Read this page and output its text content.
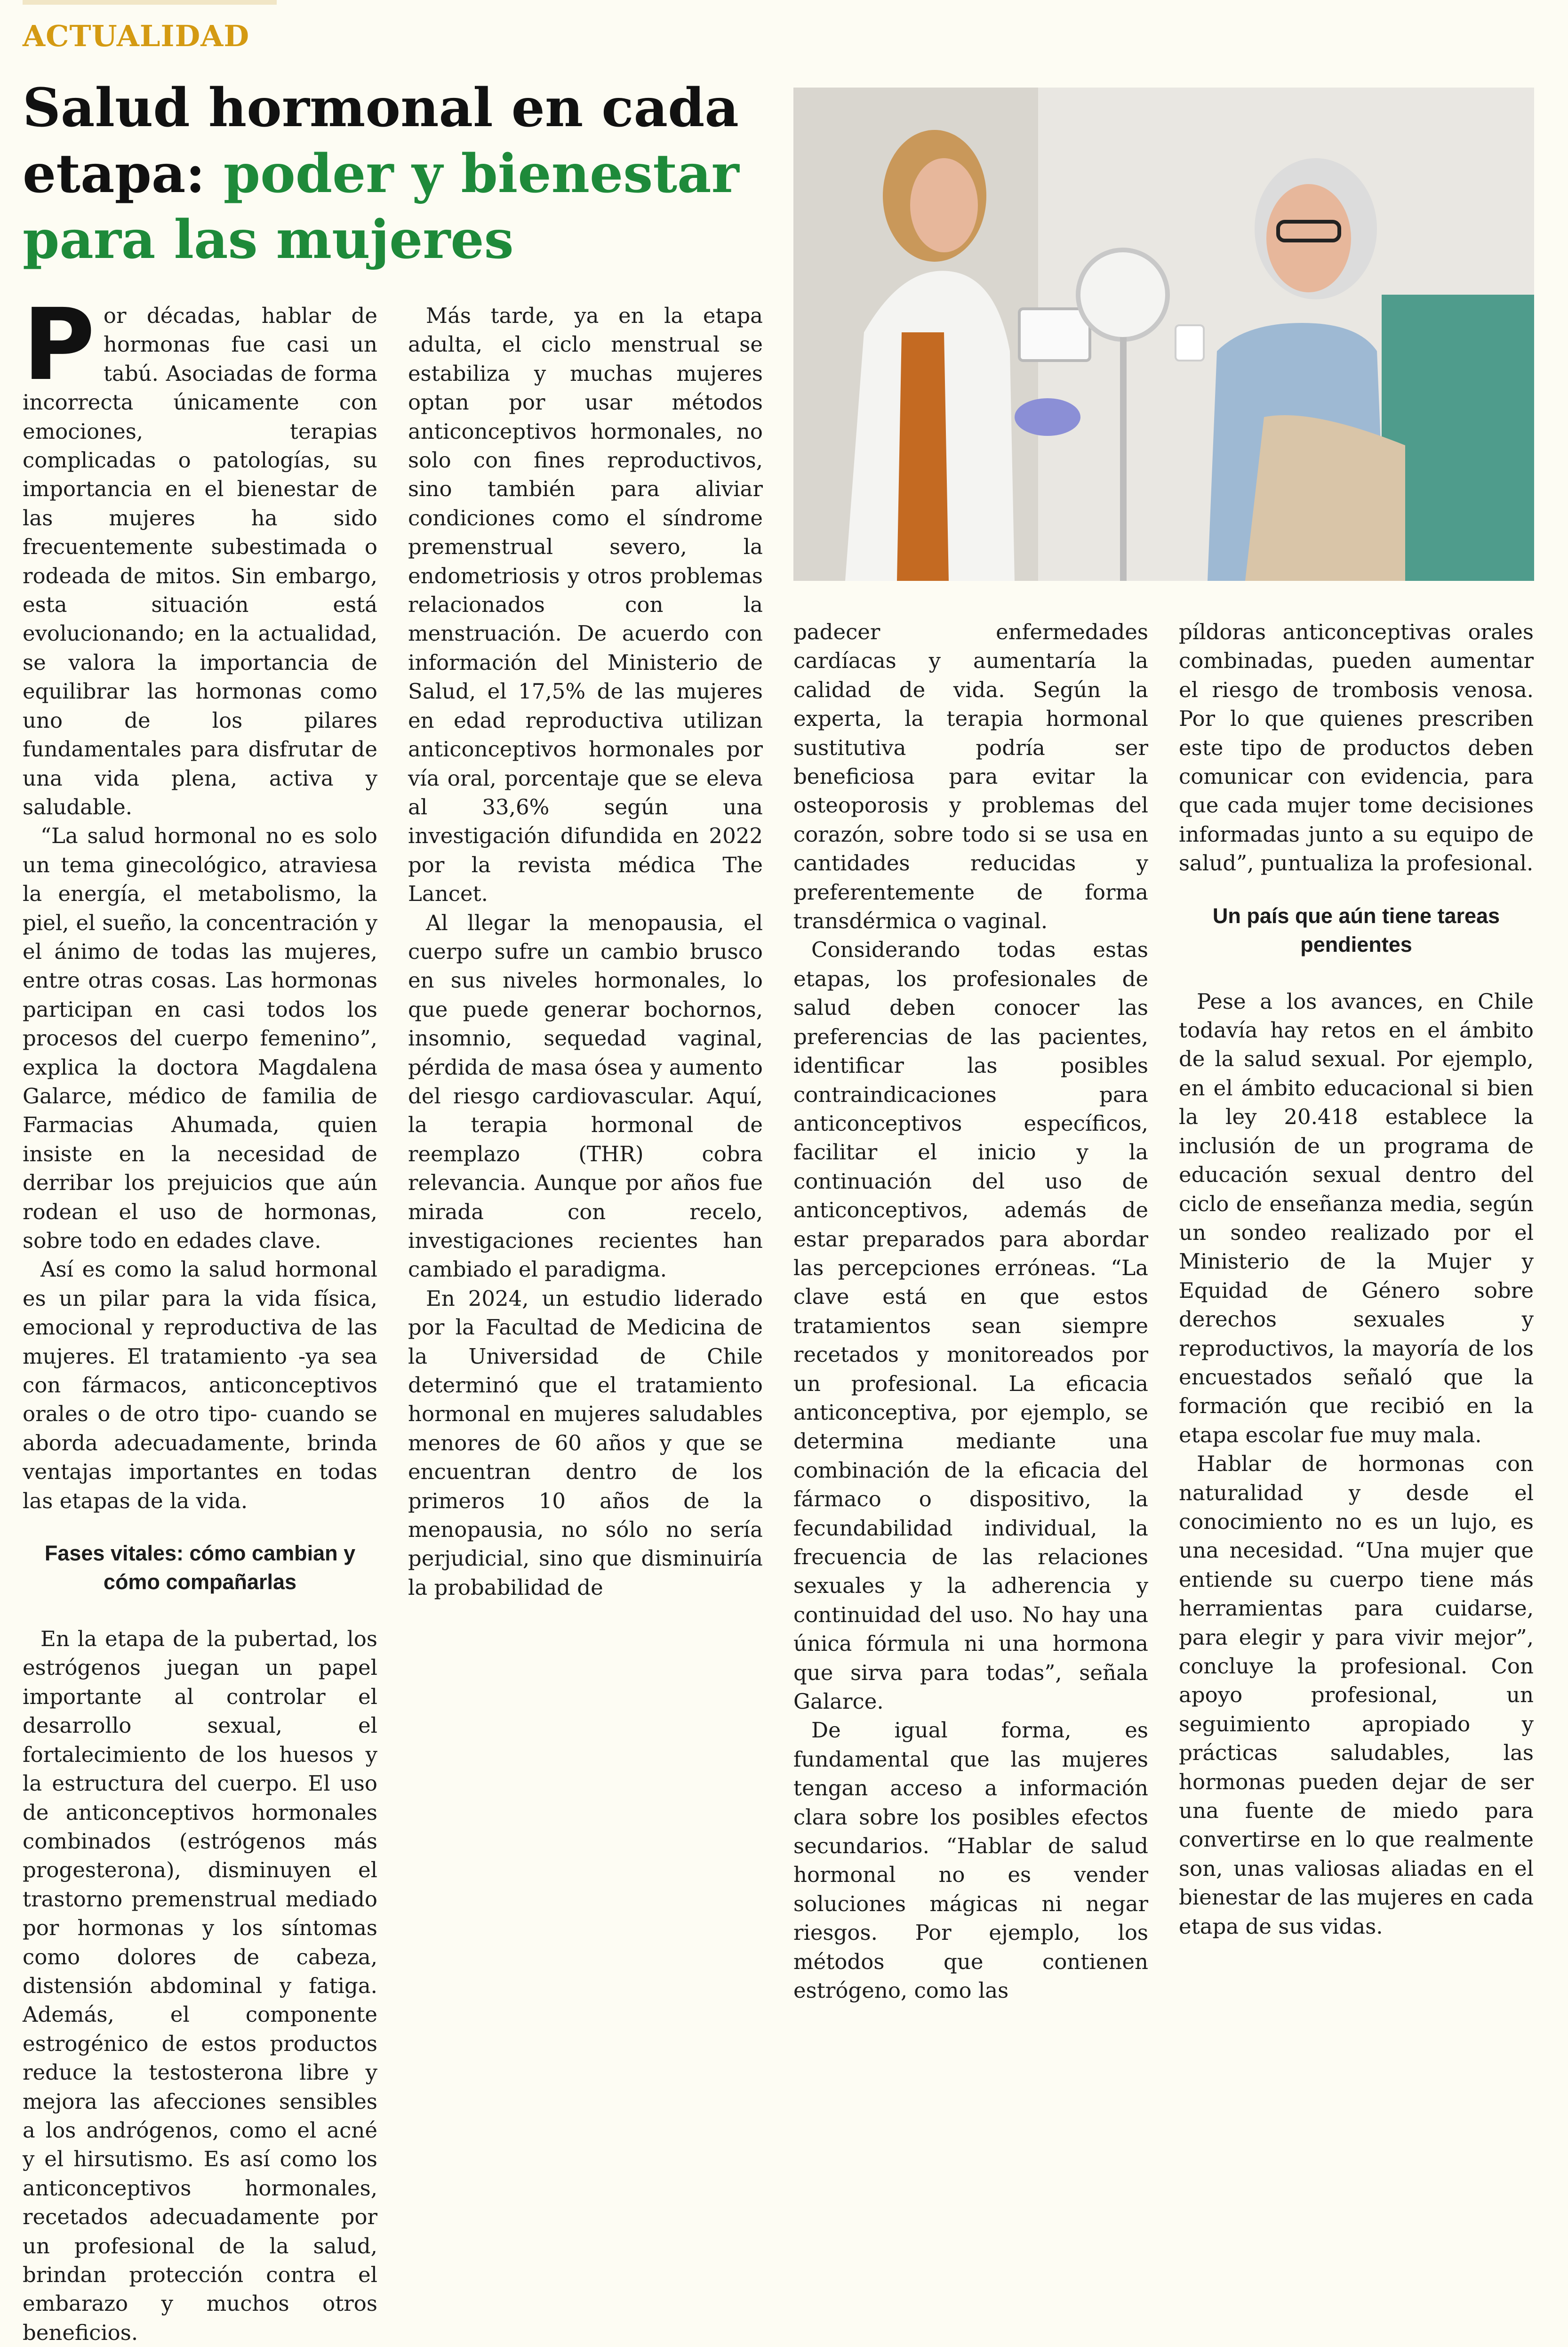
ACTUALIDAD
Salud hormonal en cada etapa: poder y bienestar para las mujeres

Por décadas, hablar de hormonas fue casi un tabú. Asociadas de forma incorrecta únicamente con emociones, terapias complicadas o patologías, su importancia en el bienestar de las mujeres ha sido frecuentemente subestimada o rodeada de mitos. Sin embargo, esta situación está evolucionando; en la actualidad, se valora la importancia de equilibrar las hormonas como uno de los pilares fundamentales para disfrutar de una vida plena, activa y saludable.

“La salud hormonal no es solo un tema ginecológico, atraviesa la energía, el metabolismo, la piel, el sueño, la concentración y el ánimo de todas las mujeres, entre otras cosas. Las hormonas participan en casi todos los procesos del cuerpo femenino”, explica la doctora Magdalena Galarce, médico de familia de Farmacias Ahumada, quien insiste en la necesidad de derribar los prejuicios que aún rodean el uso de hormonas, sobre todo en edades clave.

Así es como la salud hormonal es un pilar para la vida física, emocional y reproductiva de las mujeres. El tratamiento -ya sea con fármacos, anticonceptivos orales o de otro tipo- cuando se aborda adecuadamente, brinda ventajas importantes en todas las etapas de la vida.

Fases vitales: cómo cambian y cómo compañarlas

En la etapa de la pubertad, los estrógenos juegan un papel importante al controlar el desarrollo sexual, el fortalecimiento de los huesos y la estructura del cuerpo. El uso de anticonceptivos hormonales combinados (estrógenos más progesterona), disminuyen el trastorno premenstrual mediado por hormonas y los síntomas como dolores de cabeza, distensión abdominal y fatiga. Además, el componente estrogénico de estos productos reduce la testosterona libre y mejora las afecciones sensibles a los andrógenos, como el acné y el hirsutismo. Es así como los anticonceptivos hormonales, recetados adecuadamente por un profesional de la salud, brindan protección contra el embarazo y muchos otros beneficios.

Más tarde, ya en la etapa adulta, el ciclo menstrual se estabiliza y muchas mujeres optan por usar métodos anticonceptivos hormonales, no solo con fines reproductivos, sino también para aliviar condiciones como el síndrome premenstrual severo, la endometriosis y otros problemas relacionados con la menstruación. De acuerdo con información del Ministerio de Salud, el 17,5% de las mujeres en edad reproductiva utilizan anticonceptivos hormonales por vía oral, porcentaje que se eleva al 33,6% según una investigación difundida en 2022 por la revista médica The Lancet.

Al llegar la menopausia, el cuerpo sufre un cambio brusco en sus niveles hormonales, lo que puede generar bochornos, insomnio, sequedad vaginal, pérdida de masa ósea y aumento del riesgo cardiovascular. Aquí, la terapia hormonal de reemplazo (THR) cobra relevancia. Aunque por años fue mirada con recelo, investigaciones recientes han cambiado el paradigma.

En 2024, un estudio liderado por la Facultad de Medicina de la Universidad de Chile determinó que el tratamiento hormonal en mujeres saludables menores de 60 años y que se encuentran dentro de los primeros 10 años de la menopausia, no sólo no sería perjudicial, sino que disminuiría la probabilidad de

padecer enfermedades cardíacas y aumentaría la calidad de vida. Según la experta, la terapia hormonal sustitutiva podría ser beneficiosa para evitar la osteoporosis y problemas del corazón, sobre todo si se usa en cantidades reducidas y preferentemente de forma transdérmica o vaginal.

Considerando todas estas etapas, los profesionales de salud deben conocer las preferencias de las pacientes, identificar las posibles contraindicaciones para anticonceptivos específicos, facilitar el inicio y la continuación del uso de anticonceptivos, además de estar preparados para abordar las percepciones erróneas. “La clave está en que estos tratamientos sean siempre recetados y monitoreados por un profesional. La eficacia anticonceptiva, por ejemplo, se determina mediante una combinación de la eficacia del fármaco o dispositivo, la fecundabilidad individual, la frecuencia de las relaciones sexuales y la adherencia y continuidad del uso. No hay una única fórmula ni una hormona que sirva para todas”, señala Galarce.

De igual forma, es fundamental que las mujeres tengan acceso a información clara sobre los posibles efectos secundarios. “Hablar de salud hormonal no es vender soluciones mágicas ni negar riesgos. Por ejemplo, los métodos que contienen estrógeno, como las

píldoras anticonceptivas orales combinadas, pueden aumentar el riesgo de trombosis venosa. Por lo que quienes prescriben este tipo de productos deben comunicar con evidencia, para que cada mujer tome decisiones informadas junto a su equipo de salud”, puntualiza la profesional.

Un país que aún tiene tareas pendientes

Pese a los avances, en Chile todavía hay retos en el ámbito de la salud sexual. Por ejemplo, en el ámbito educacional si bien la ley 20.418 establece la inclusión de un programa de educación sexual dentro del ciclo de enseñanza media, según un sondeo realizado por el Ministerio de la Mujer y Equidad de Género sobre derechos sexuales y reproductivos, la mayoría de los encuestados señaló que la formación que recibió en la etapa escolar fue muy mala.

Hablar de hormonas con naturalidad y desde el conocimiento no es un lujo, es una necesidad. “Una mujer que entiende su cuerpo tiene más herramientas para cuidarse, para elegir y para vivir mejor”, concluye la profesional. Con apoyo profesional, un seguimiento apropiado y prácticas saludables, las hormonas pueden dejar de ser una fuente de miedo para convertirse en lo que realmente son, unas valiosas aliadas en el bienestar de las mujeres en cada etapa de sus vidas.
